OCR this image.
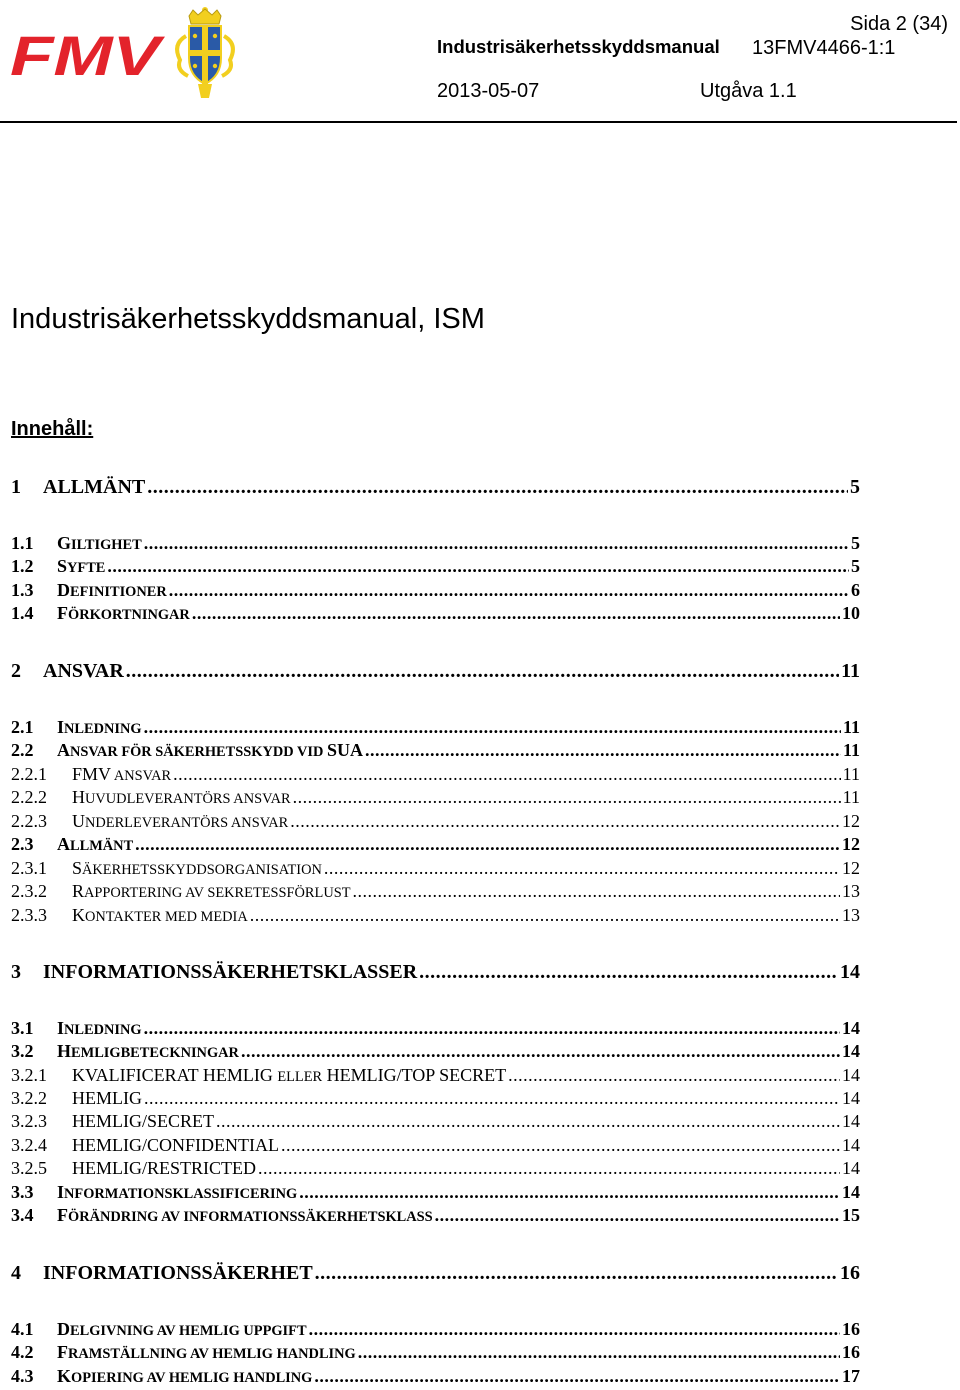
FMV	Sida 2 (34)
Industrisäkerhetsskyddsmanual 13FMV4466-1:1
2013-05-07	Utgåva 1.1
Industrisäkerhetsskyddsmanual, ISM
Innehåll:
1	ALLMÄNT .....	5
1.1	GILTIGHET .....	5
1.2	SYFTE .....	5
1.3	DEFINITIONER .....	6
1.4	FÖRKORTNINGAR .....	10
2	ANSVAR .....	11
2.1	INLEDNING .....	11
2.2	ANSVAR FÖR SÄKERHETSSKYDD VID SUA .....	11
2.2.1	FMV ANSVAR .....	11
2.2.2	HUVUDLEVERANTÖRS ANSVAR .....	11
2.2.3	UNDERLEVERANTÖRS ANSVAR .....	12
2.3	ALLMÄNT .....	12
2.3.1	SÄKERHETSSKYDDSORGANISATION .....	12
2.3.2	RAPPORTERING AV SEKRETESSFÖRLUST .....	13
2.3.3	KONTAKTER MED MEDIA .....	13
3	INFORMATIONSSÄKERHETSKLASSER .....	14
3.1	INLEDNING .....	14
3.2	HEMLIGBETECKNINGAR .....	14
3.2.1	KVALIFICERAT HEMLIG ELLER HEMLIG/TOP SECRET .....	14
3.2.2	HEMLIG .....	14
3.2.3	HEMLIG/SECRET .....	14
3.2.4	HEMLIG/CONFIDENTIAL .....	14
3.2.5	HEMLIG/RESTRICTED .....	14
3.3	INFORMATIONSKLASSIFICERING .....	14
3.4	FÖRÄNDRING AV INFORMATIONSSÄKERHETSKLASS .....	15
4	INFORMATIONSSÄKERHET .....	16
4.1	DELGIVNING AV HEMLIG UPPGIFT .....	16
4.2	FRAMSTÄLLNING AV HEMLIG HANDLING .....	16
4.3	KOPIERING AV HEMLIG HANDLING .....	17
